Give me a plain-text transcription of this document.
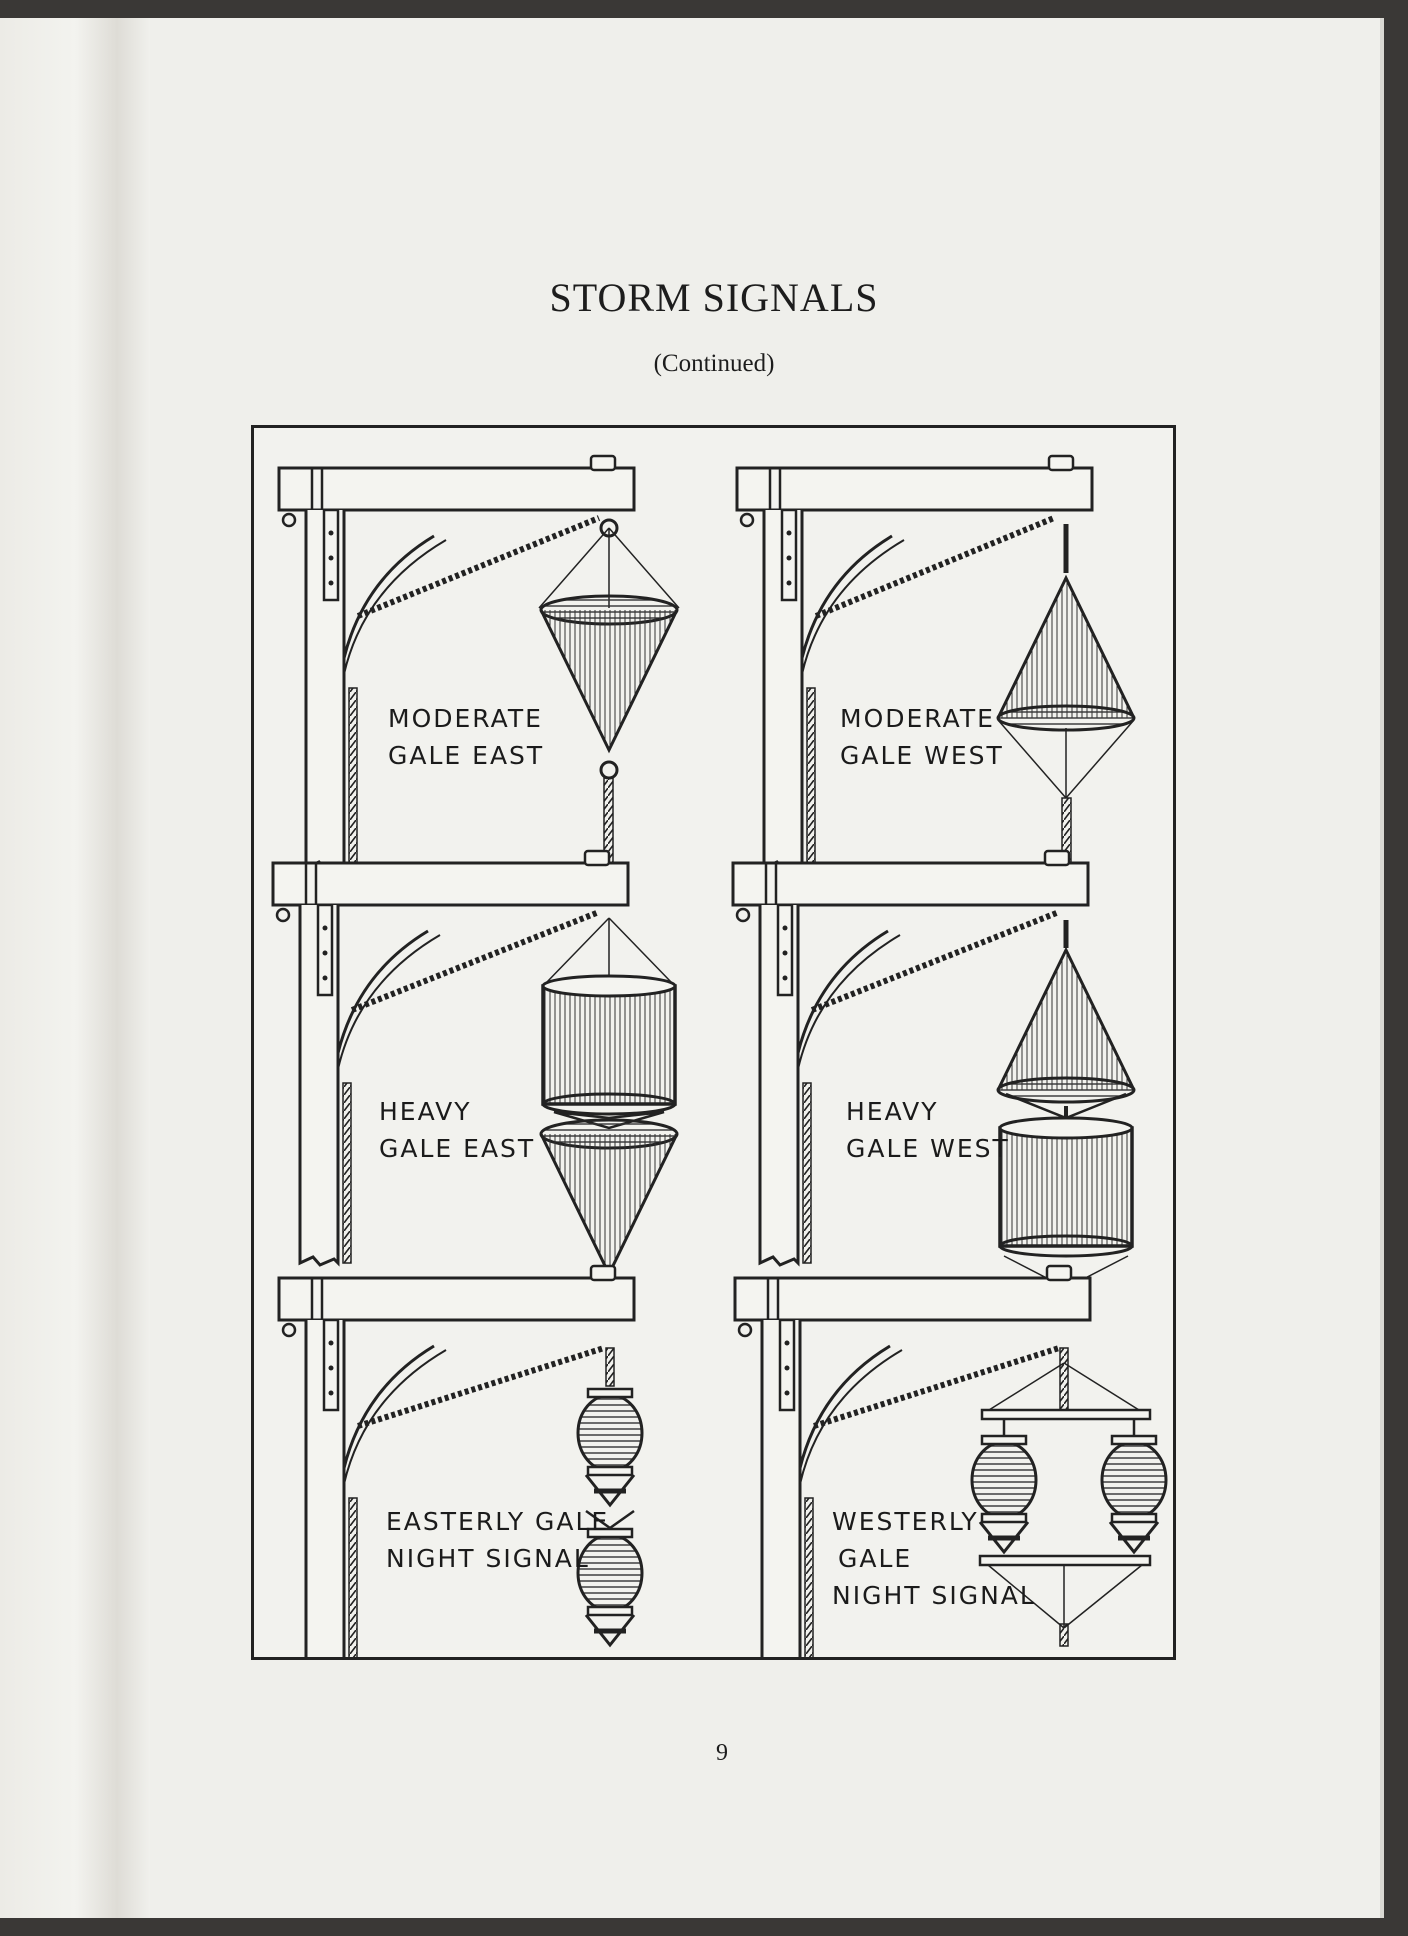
STORM SIGNALS
(Continued)
MODERATE
GALE EAST
MODERATE
GALE WEST
HEAVY
GALE EAST
HEAVY
GALE WEST
EASTERLY GALE
NIGHT SIGNAL
WESTERLY
GALE
NIGHT SIGNAL
9
